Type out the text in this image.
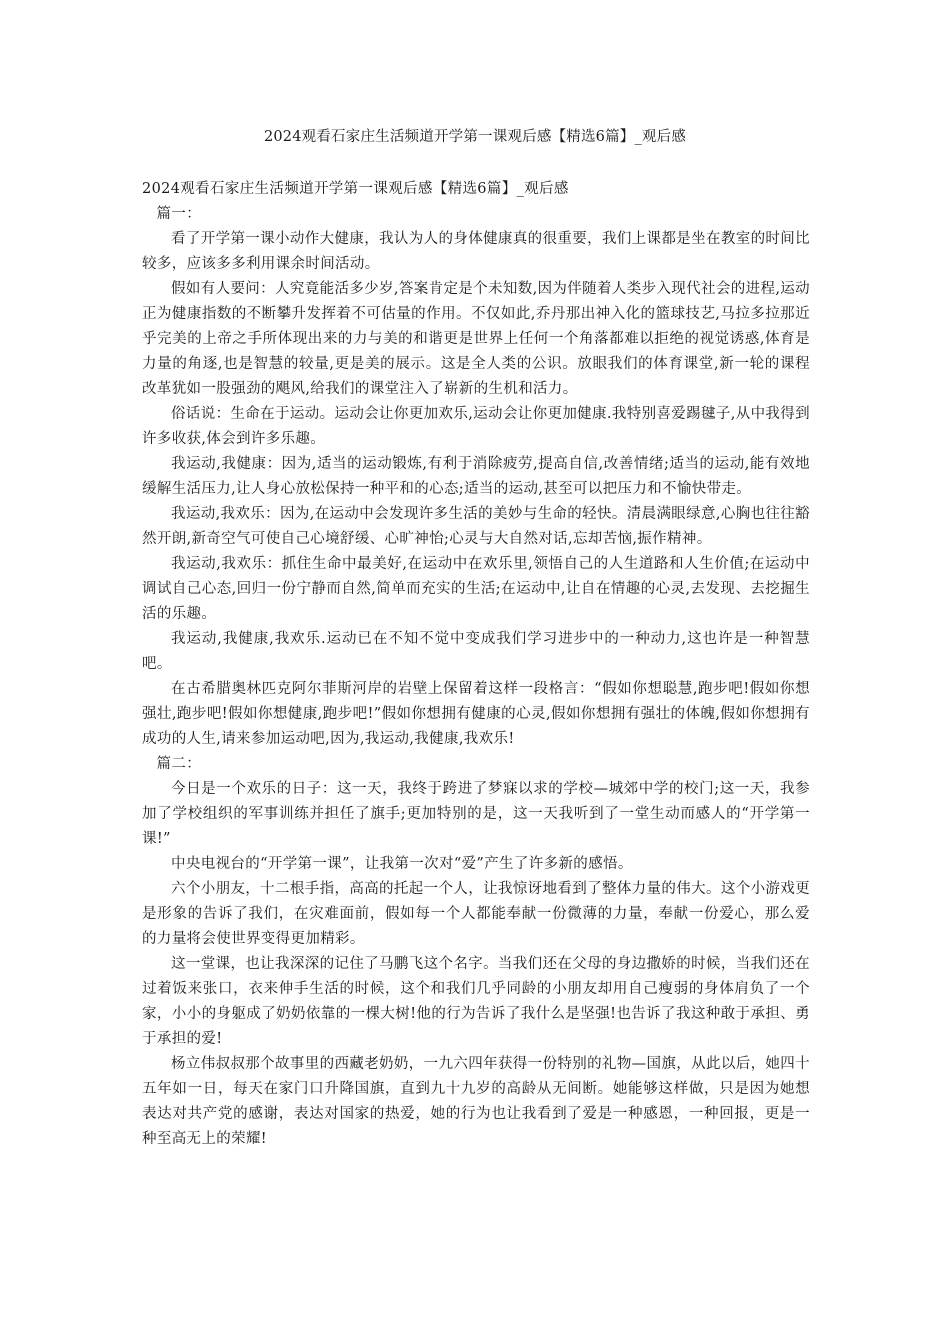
2024观看石家庄生活频道开学第一课观后感【精选6篇】_观后感

2024观看石家庄生活频道开学第一课观后感【精选6篇】_观后感

篇一：

看了开学第一课小动作大健康，我认为人的身体健康真的很重要，我们上课都是坐在教室的时间比较多，应该多多利用课余时间活动。

假如有人要问：人究竟能活多少岁,答案肯定是个未知数,因为伴随着人类步入现代社会的进程,运动正为健康指数的不断攀升发挥着不可估量的作用。不仅如此,乔丹那出神入化的篮球技艺,马拉多拉那近乎完美的上帝之手所体现出来的力与美的和谐更是世界上任何一个角落都难以拒绝的视觉诱惑,体育是力量的角逐,也是智慧的较量,更是美的展示。这是全人类的公识。放眼我们的体育课堂,新一轮的课程改革犹如一股强劲的飓风,给我们的课堂注入了崭新的生机和活力。

俗话说：生命在于运动。运动会让你更加欢乐,运动会让你更加健康.我特别喜爱踢毽子,从中我得到许多收获,体会到许多乐趣。

我运动,我健康：因为,适当的运动锻炼,有利于消除疲劳,提高自信,改善情绪;适当的运动,能有效地缓解生活压力,让人身心放松保持一种平和的心态;适当的运动,甚至可以把压力和不愉快带走。

我运动,我欢乐：因为,在运动中会发现许多生活的美妙与生命的轻快。清晨满眼绿意,心胸也往往豁然开朗,新奇空气可使自己心境舒缓、心旷神怡;心灵与大自然对话,忘却苦恼,振作精神。

我运动,我欢乐：抓住生命中最美好,在运动中在欢乐里,领悟自己的人生道路和人生价值;在运动中调试自己心态,回归一份宁静而自然,简单而充实的生活;在运动中,让自在情趣的心灵,去发现、去挖掘生活的乐趣。

我运动,我健康,我欢乐.运动已在不知不觉中变成我们学习进步中的一种动力,这也许是一种智慧吧。

在古希腊奥林匹克阿尔菲斯河岸的岩壁上保留着这样一段格言：“假如你想聪慧,跑步吧!假如你想强壮,跑步吧!假如你想健康,跑步吧!”假如你想拥有健康的心灵,假如你想拥有强壮的体魄,假如你想拥有成功的人生,请来参加运动吧,因为,我运动,我健康,我欢乐!

篇二：

今日是一个欢乐的日子：这一天，我终于跨进了梦寐以求的学校—城郊中学的校门;这一天，我参加了学校组织的军事训练并担任了旗手;更加特别的是，这一天我听到了一堂生动而感人的“开学第一课!”

中央电视台的“开学第一课”，让我第一次对“爱”产生了许多新的感悟。

六个小朋友，十二根手指，高高的托起一个人，让我惊讶地看到了整体力量的伟大。这个小游戏更是形象的告诉了我们，在灾难面前，假如每一个人都能奉献一份微薄的力量，奉献一份爱心，那么爱的力量将会使世界变得更加精彩。

这一堂课，也让我深深的记住了马鹏飞这个名字。当我们还在父母的身边撒娇的时候，当我们还在过着饭来张口，衣来伸手生活的时候，这个和我们几乎同龄的小朋友却用自己瘦弱的身体肩负了一个家，小小的身躯成了奶奶依靠的一棵大树!他的行为告诉了我什么是坚强!也告诉了我这种敢于承担、勇于承担的爱!

杨立伟叔叔那个故事里的西藏老奶奶，一九六四年获得一份特别的礼物—国旗，从此以后，她四十五年如一日，每天在家门口升降国旗，直到九十九岁的高龄从无间断。她能够这样做，只是因为她想表达对共产党的感谢，表达对国家的热爱，她的行为也让我看到了爱是一种感恩，一种回报，更是一种至高无上的荣耀!
